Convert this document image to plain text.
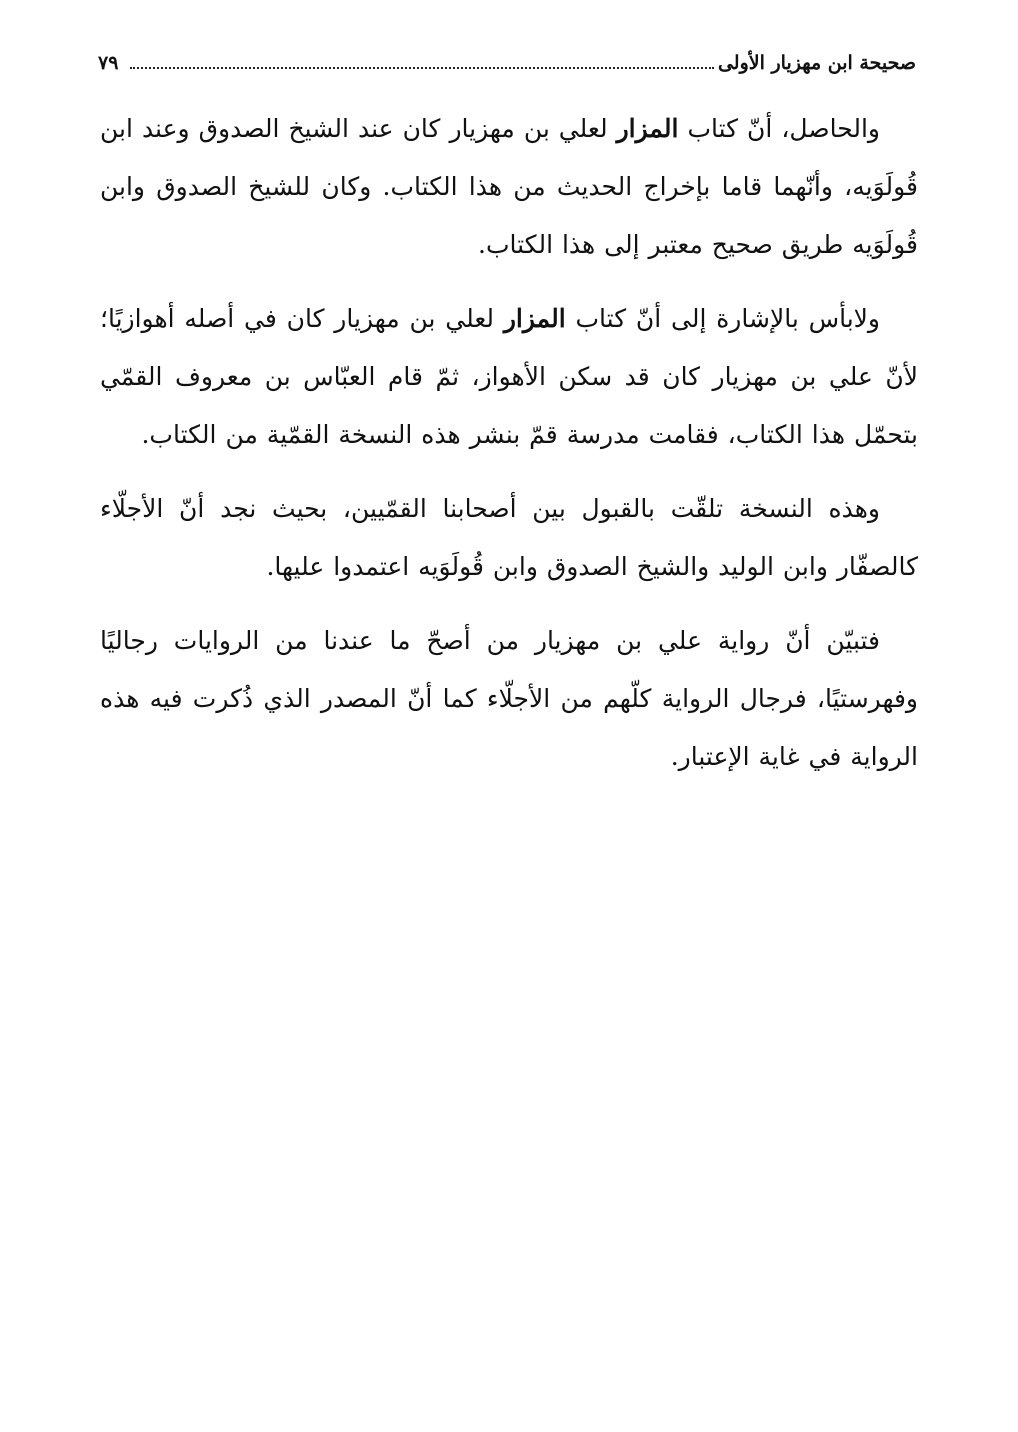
صحيحة ابن مهزيار الأولى
٧٩

والحاصل، أنّ كتاب المزار لعلي بن مهزيار كان عند الشيخ الصدوق وعند ابن قُولَوَيه، وأنّهما قاما بإخراج الحديث من هذا الكتاب. وكان للشيخ الصدوق وابن قُولَوَيه طريق صحيح معتبر إلى هذا الكتاب.

ولابأس بالإشارة إلى أنّ كتاب المزار لعلي بن مهزيار كان في أصله أهوازيًا؛ لأنّ علي بن مهزيار كان قد سكن الأهواز، ثمّ قام العبّاس بن معروف القمّي بتحمّل هذا الكتاب، فقامت مدرسة قمّ بنشر هذه النسخة القمّية من الكتاب.

وهذه النسخة تلقّت بالقبول بين أصحابنا القمّيين، بحيث نجد أنّ الأجلّاء كالصفّار وابن الوليد والشيخ الصدوق وابن قُولَوَيه اعتمدوا عليها.

فتبيّن أنّ رواية علي بن مهزيار من أصحّ ما عندنا من الروايات رجاليًا وفهرستيًا، فرجال الرواية كلّهم من الأجلّاء كما أنّ المصدر الذي ذُكرت فيه هذه الرواية في غاية الإعتبار.
